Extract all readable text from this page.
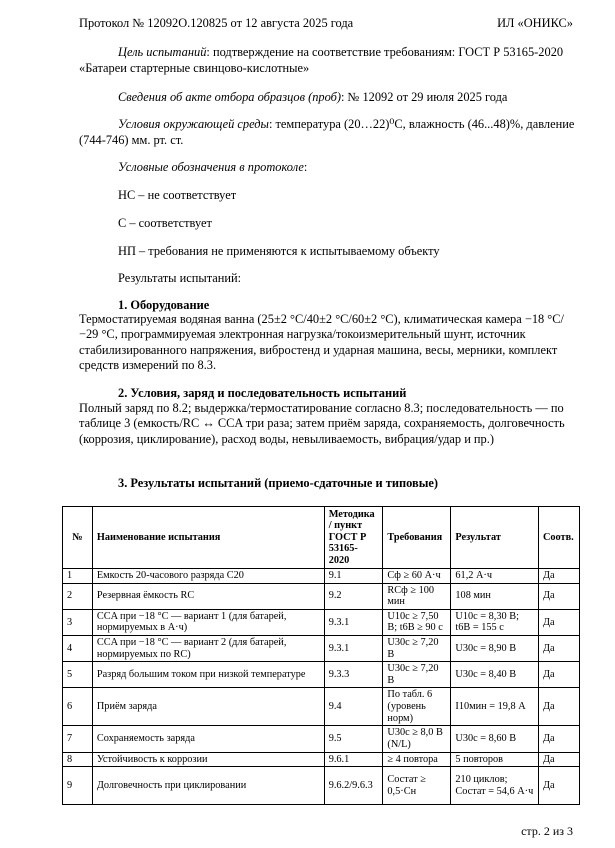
Протокол № 12092О.120825 от 12 августа 2025 года	ИЛ «ОНИКС»
Цель испытаний: подтверждение на соответствие требованиям: ГОСТ Р 53165-2020 «Батареи стартерные свинцово-кислотные»
Сведения об акте отбора образцов (проб): № 12092 от 29 июля 2025 года
Условия окружающей среды: температура (20…22)⁰С, влажность (46...48)%, давление (744-746) мм. рт. ст.
Условные обозначения в протоколе:
НС – не соответствует
С – соответствует
НП – требования не применяются к испытываемому объекту
Результаты испытаний:
1. Оборудование
Термостатируемая водяная ванна (25±2 °C/40±2 °C/60±2 °C), климатическая камера −18 °C/−29 °C, программируемая электронная нагрузка/токоизмерительный шунт, источник стабилизированного напряжения, вибростенд и ударная машина, весы, мерники, комплект средств измерений по 8.3.
2. Условия, заряд и последовательность испытаний
Полный заряд по 8.2; выдержка/термостатирование согласно 8.3; последовательность — по таблице 3 (емкость/RC ↔ CCA три раза; затем приём заряда, сохраняемость, долговечность (коррозия, циклирование), расход воды, невыливаемость, вибрация/удар и пр.)
3. Результаты испытаний (приемо-сдаточные и типовые)
№	Наименование испытания	Методика / пункт ГОСТ Р 53165-2020	Требования	Результат	Соотв.
1	Емкость 20-часового разряда С20	9.1	Сф ≥ 60 А·ч	61,2 А·ч	Да
2	Резервная ёмкость RC	9.2	RCф ≥ 100 мин	108 мин	Да
3	CCA при −18 °C — вариант 1 (для батарей, нормируемых в А·ч)	9.3.1	U10с ≥ 7,50 В; t6В ≥ 90 с	U10с = 8,30 В; t6В = 155 с	Да
4	CCA при −18 °C — вариант 2 (для батарей, нормируемых по RC)	9.3.1	U30с ≥ 7,20 В	U30с = 8,90 В	Да
5	Разряд большим током при низкой температуре	9.3.3	U30с ≥ 7,20 В	U30с = 8,40 В	Да
6	Приём заряда	9.4	По табл. 6 (уровень норм)	I10мин = 19,8 А	Да
7	Сохраняемость заряда	9.5	U30с ≥ 8,0 В (N/L)	U30с = 8,60 В	Да
8	Устойчивость к коррозии	9.6.1	≥ 4 повтора	5 повторов	Да
9	Долговечность при циклировании	9.6.2/9.6.3	Состат ≥ 0,5·Сн	210 циклов; Состат = 54,6 А·ч	Да
стр. 2 из 3
